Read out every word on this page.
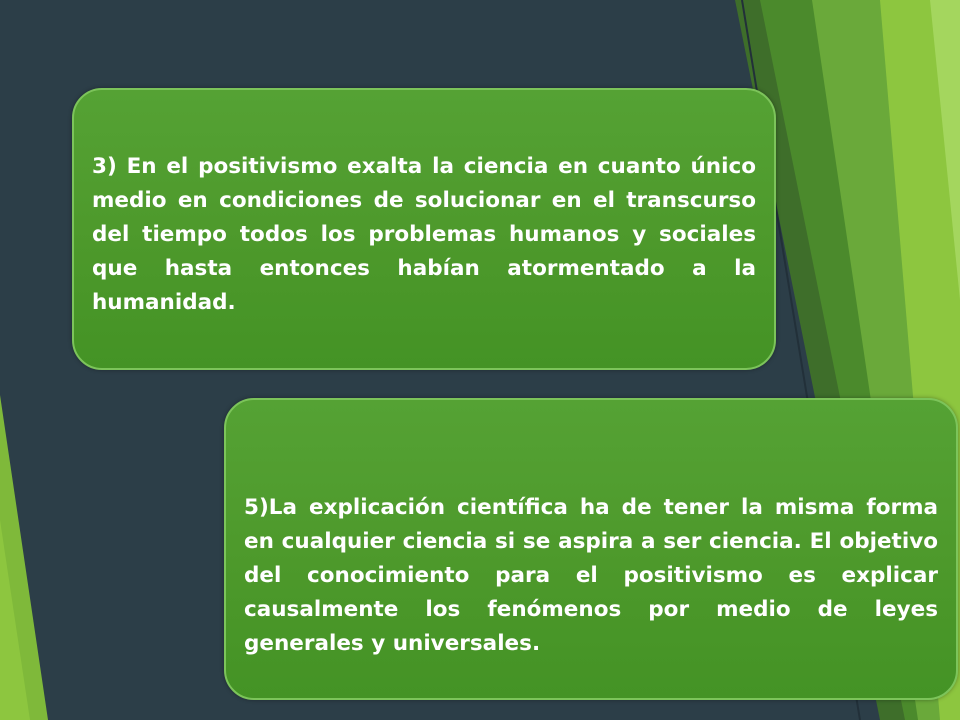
3) En el positivismo exalta la ciencia en cuanto único medio en condiciones de solucionar en el transcurso del tiempo todos los problemas humanos y sociales que hasta entonces habían atormentado a la humanidad.

5)La explicación científica ha de tener la misma forma en cualquier ciencia si se aspira a ser ciencia. El objetivo del conocimiento para el positivismo es explicar causalmente los fenómenos por medio de leyes generales y universales.
